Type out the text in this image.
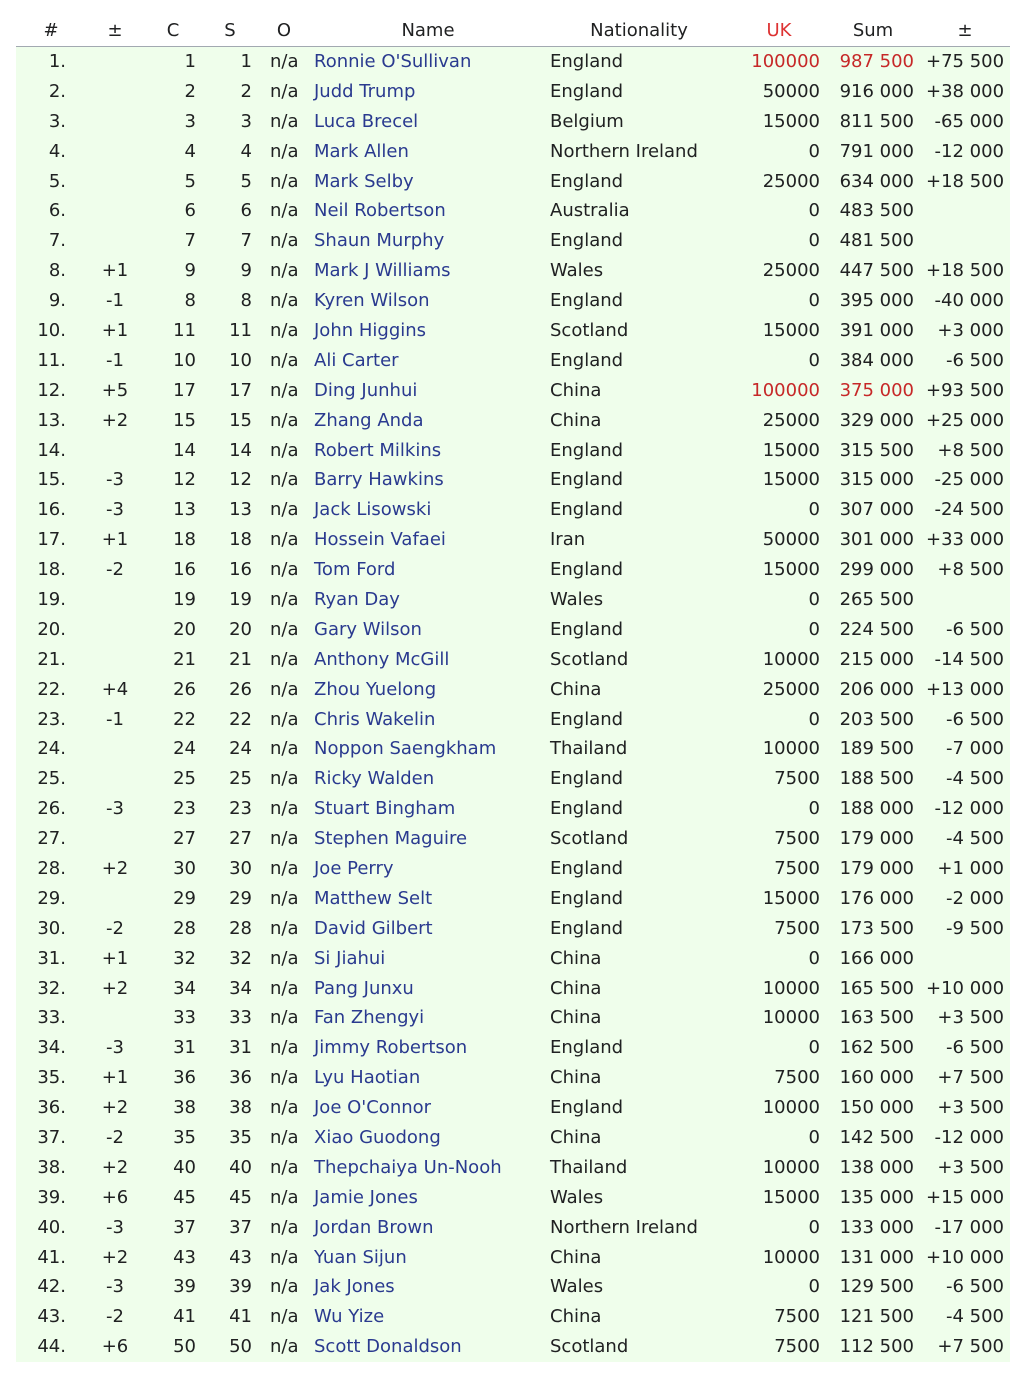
#	±	C	S	O	Name	Nationality	UK	Sum	±
1.		1	1	n/a	Ronnie O'Sullivan	England	100000	987 500	+75 500
2.		2	2	n/a	Judd Trump	England	50000	916 000	+38 000
3.		3	3	n/a	Luca Brecel	Belgium	15000	811 500	-65 000
4.		4	4	n/a	Mark Allen	Northern Ireland	0	791 000	-12 000
5.		5	5	n/a	Mark Selby	England	25000	634 000	+18 500
6.		6	6	n/a	Neil Robertson	Australia	0	483 500	
7.		7	7	n/a	Shaun Murphy	England	0	481 500	
8.	+1	9	9	n/a	Mark J Williams	Wales	25000	447 500	+18 500
9.	-1	8	8	n/a	Kyren Wilson	England	0	395 000	-40 000
10.	+1	11	11	n/a	John Higgins	Scotland	15000	391 000	+3 000
11.	-1	10	10	n/a	Ali Carter	England	0	384 000	-6 500
12.	+5	17	17	n/a	Ding Junhui	China	100000	375 000	+93 500
13.	+2	15	15	n/a	Zhang Anda	China	25000	329 000	+25 000
14.		14	14	n/a	Robert Milkins	England	15000	315 500	+8 500
15.	-3	12	12	n/a	Barry Hawkins	England	15000	315 000	-25 000
16.	-3	13	13	n/a	Jack Lisowski	England	0	307 000	-24 500
17.	+1	18	18	n/a	Hossein Vafaei	Iran	50000	301 000	+33 000
18.	-2	16	16	n/a	Tom Ford	England	15000	299 000	+8 500
19.		19	19	n/a	Ryan Day	Wales	0	265 500	
20.		20	20	n/a	Gary Wilson	England	0	224 500	-6 500
21.		21	21	n/a	Anthony McGill	Scotland	10000	215 000	-14 500
22.	+4	26	26	n/a	Zhou Yuelong	China	25000	206 000	+13 000
23.	-1	22	22	n/a	Chris Wakelin	England	0	203 500	-6 500
24.		24	24	n/a	Noppon Saengkham	Thailand	10000	189 500	-7 000
25.		25	25	n/a	Ricky Walden	England	7500	188 500	-4 500
26.	-3	23	23	n/a	Stuart Bingham	England	0	188 000	-12 000
27.		27	27	n/a	Stephen Maguire	Scotland	7500	179 000	-4 500
28.	+2	30	30	n/a	Joe Perry	England	7500	179 000	+1 000
29.		29	29	n/a	Matthew Selt	England	15000	176 000	-2 000
30.	-2	28	28	n/a	David Gilbert	England	7500	173 500	-9 500
31.	+1	32	32	n/a	Si Jiahui	China	0	166 000	
32.	+2	34	34	n/a	Pang Junxu	China	10000	165 500	+10 000
33.		33	33	n/a	Fan Zhengyi	China	10000	163 500	+3 500
34.	-3	31	31	n/a	Jimmy Robertson	England	0	162 500	-6 500
35.	+1	36	36	n/a	Lyu Haotian	China	7500	160 000	+7 500
36.	+2	38	38	n/a	Joe O'Connor	England	10000	150 000	+3 500
37.	-2	35	35	n/a	Xiao Guodong	China	0	142 500	-12 000
38.	+2	40	40	n/a	Thepchaiya Un-Nooh	Thailand	10000	138 000	+3 500
39.	+6	45	45	n/a	Jamie Jones	Wales	15000	135 000	+15 000
40.	-3	37	37	n/a	Jordan Brown	Northern Ireland	0	133 000	-17 000
41.	+2	43	43	n/a	Yuan Sijun	China	10000	131 000	+10 000
42.	-3	39	39	n/a	Jak Jones	Wales	0	129 500	-6 500
43.	-2	41	41	n/a	Wu Yize	China	7500	121 500	-4 500
44.	+6	50	50	n/a	Scott Donaldson	Scotland	7500	112 500	+7 500
